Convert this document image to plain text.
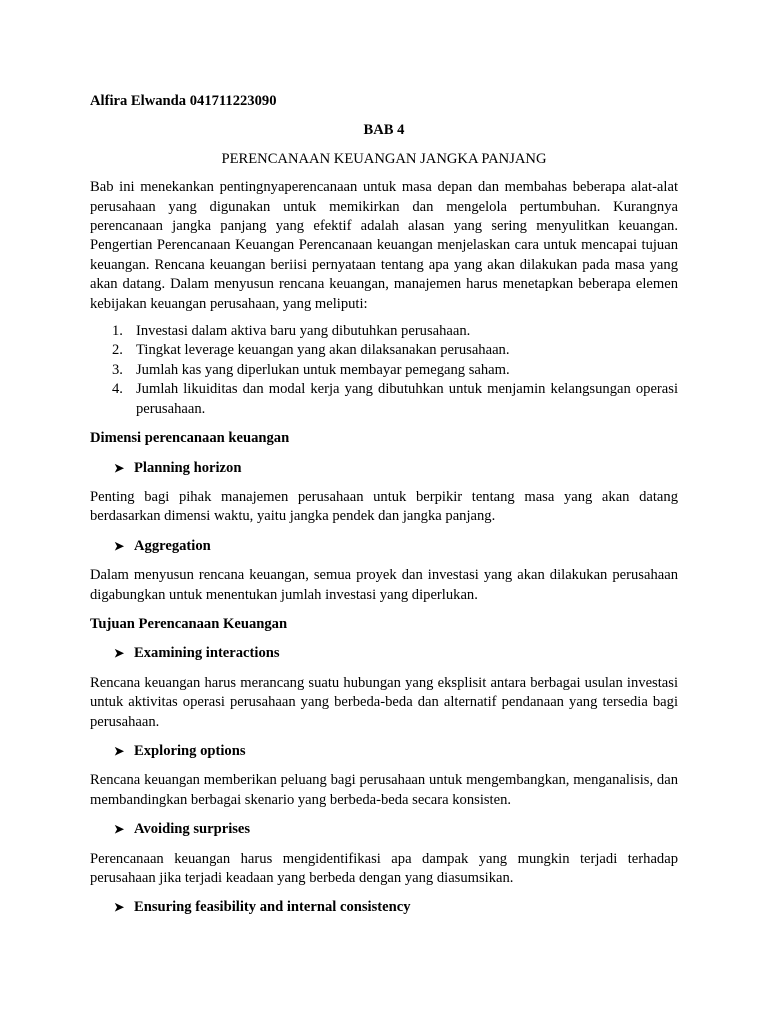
Alfira Elwanda 041711223090
BAB 4
PERENCANAAN KEUANGAN JANGKA PANJANG

Bab ini menekankan pentingnyaperencanaan untuk masa depan dan membahas beberapa alat-alat perusahaan yang digunakan untuk memikirkan dan mengelola pertumbuhan. Kurangnya perencanaan jangka panjang yang efektif adalah alasan yang sering menyulitkan keuangan. Pengertian Perencanaan Keuangan Perencanaan keuangan menjelaskan cara untuk mencapai tujuan keuangan. Rencana keuangan beriisi pernyataan tentang apa yang akan dilakukan pada masa yang akan datang. Dalam menyusun rencana keuangan, manajemen harus menetapkan beberapa elemen kebijakan keuangan perusahaan, yang meliputi:

1. Investasi dalam aktiva baru yang dibutuhkan perusahaan.
2. Tingkat leverage keuangan yang akan dilaksanakan perusahaan.
3. Jumlah kas yang diperlukan untuk membayar pemegang saham.
4. Jumlah likuiditas dan modal kerja yang dibutuhkan untuk menjamin kelangsungan operasi perusahaan.
Dimensi perencanaan keuangan
➤ Planning horizon

Penting bagi pihak manajemen perusahaan untuk berpikir tentang masa yang akan datang berdasarkan dimensi waktu, yaitu jangka pendek dan jangka panjang.

➤ Aggregation

Dalam menyusun rencana keuangan, semua proyek dan investasi yang akan dilakukan perusahaan digabungkan untuk menentukan jumlah investasi yang diperlukan.

Tujuan Perencanaan Keuangan
➤ Examining interactions

Rencana keuangan harus merancang suatu hubungan yang eksplisit antara berbagai usulan investasi untuk aktivitas operasi perusahaan yang berbeda-beda dan alternatif pendanaan yang tersedia bagi perusahaan.

➤ Exploring options

Rencana keuangan memberikan peluang bagi perusahaan untuk mengembangkan, menganalisis, dan membandingkan berbagai skenario yang berbeda-beda secara konsisten.

➤ Avoiding surprises

Perencanaan keuangan harus mengidentifikasi apa dampak yang mungkin terjadi terhadap perusahaan jika terjadi keadaan yang berbeda dengan yang diasumsikan.

➤ Ensuring feasibility and internal consistency
